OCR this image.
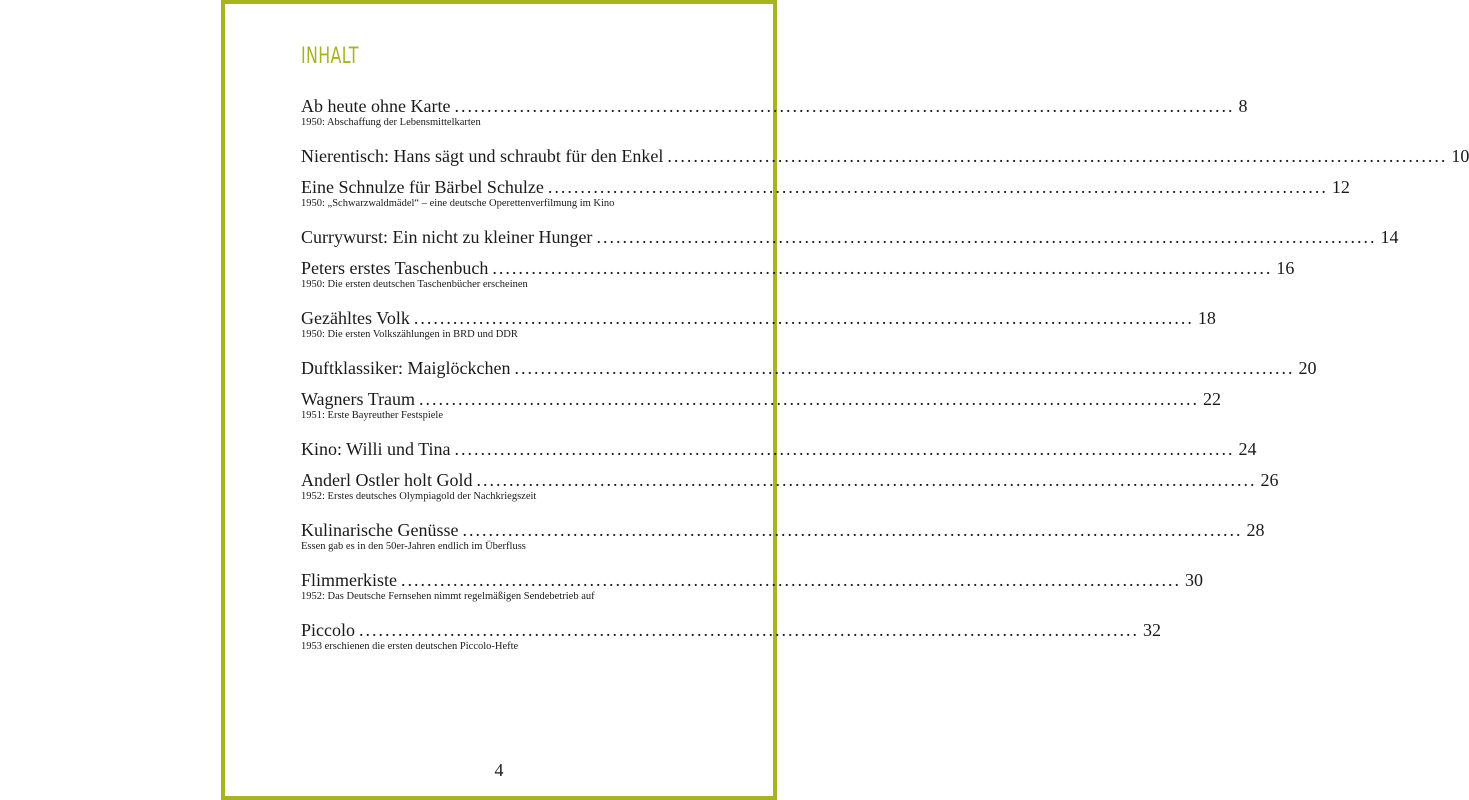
INHALT
Ab heute ohne Karte ........................................................................................................................ 8
1950: Abschaffung der Lebensmittelkarten
Nierentisch: Hans sägt und schraubt für den Enkel ........................................................................................................................ 10
Eine Schnulze für Bärbel Schulze ........................................................................................................................ 12
1950: „Schwarzwaldmädel“ – eine deutsche Operettenverfilmung im Kino
Currywurst: Ein nicht zu kleiner Hunger ........................................................................................................................ 14
Peters erstes Taschenbuch ........................................................................................................................ 16
1950: Die ersten deutschen Taschenbücher erscheinen
Gezähltes Volk ........................................................................................................................ 18
1950: Die ersten Volkszählungen in BRD und DDR
Duftklassiker: Maiglöckchen ........................................................................................................................ 20
Wagners Traum ........................................................................................................................ 22
1951: Erste Bayreuther Festspiele
Kino: Willi und Tina ........................................................................................................................ 24
Anderl Ostler holt Gold ........................................................................................................................ 26
1952: Erstes deutsches Olympiagold der Nachkriegszeit
Kulinarische Genüsse ........................................................................................................................ 28
Essen gab es in den 50er-Jahren endlich im Überfluss
Flimmerkiste ........................................................................................................................ 30
1952: Das Deutsche Fernsehen nimmt regelmäßigen Sendebetrieb auf
Piccolo ........................................................................................................................ 32
1953 erschienen die ersten deutschen Piccolo-Hefte
4
